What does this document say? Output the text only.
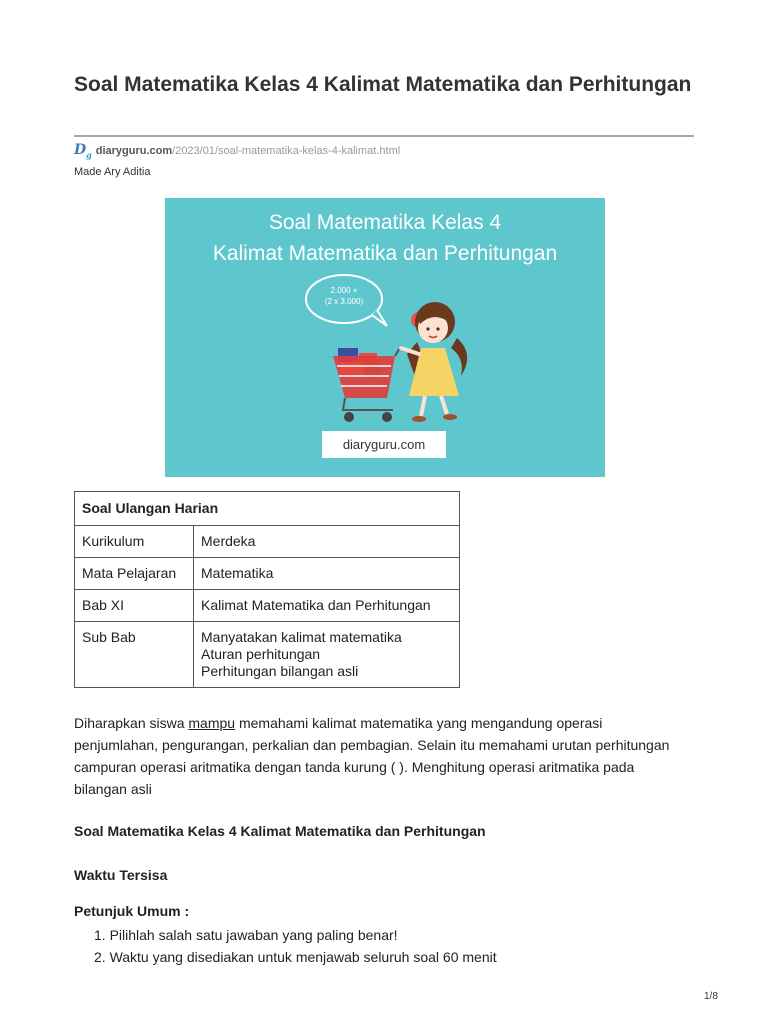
Soal Matematika Kelas 4 Kalimat Matematika dan Perhitungan
$D_g$ diaryguru.com /2023/01/soal-matematika-kelas-4-kalimat.html
Made Ary Aditia
Soal Matematika Kelas 4
Kalimat Matematika dan Perhitungan
2.000 +
(2 x 3.000)
diaryguru.com
Soal Ulangan Harian	
Kurikulum	Merdeka
Mata Pelajaran	Matematika
Bab XI	Kalimat Matematika dan Perhitungan
Sub Bab	Manyatakan kalimat matematika
Aturan perhitungan
Perhitungan bilangan asli

Diharapkan siswa mampu memahami kalimat matematika yang mengandung operasi penjumlahan, pengurangan, perkalian dan pembagian. Selain itu memahami urutan perhitungan campuran operasi aritmatika dengan tanda kurung ( ). Menghitung operasi aritmatika pada bilangan asli

Soal Matematika Kelas 4 Kalimat Matematika dan Perhitungan
Waktu Tersisa
Petunjuk Umum :
1. Pilihlah salah satu jawaban yang paling benar!
2. Waktu yang disediakan untuk menjawab seluruh soal 60 menit
1/8
